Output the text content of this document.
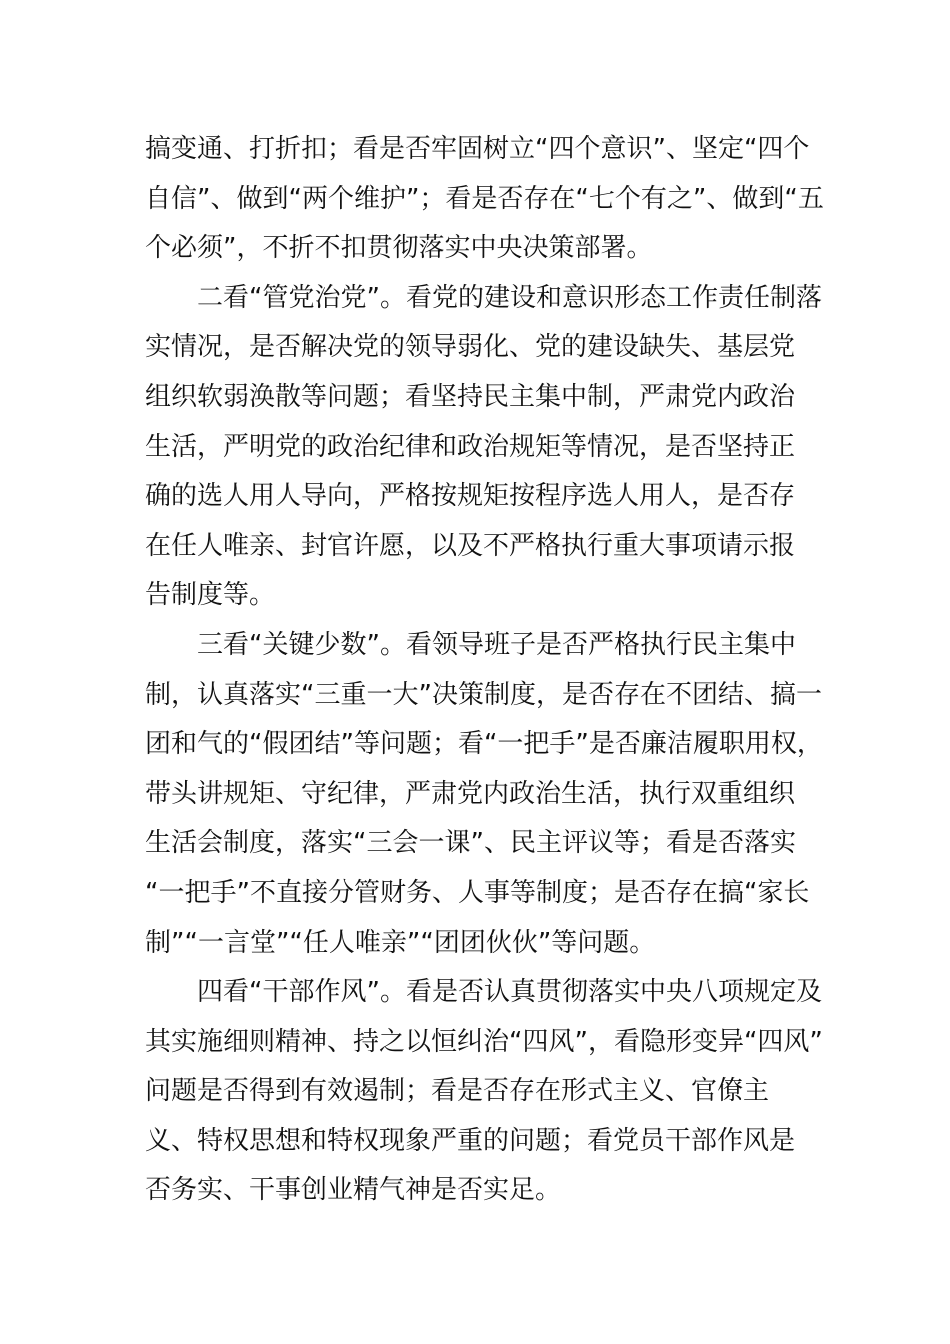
搞变通、打折扣；看是否牢固树立“四个意识”、坚定“四个

自信”、做到“两个维护”；看是否存在“七个有之”、做到“五

个必须”，不折不扣贯彻落实中央决策部署。

二看“管党治党”。看党的建设和意识形态工作责任制落

实情况，是否解决党的领导弱化、党的建设缺失、基层党

组织软弱涣散等问题；看坚持民主集中制，严肃党内政治

生活，严明党的政治纪律和政治规矩等情况，是否坚持正

确的选人用人导向，严格按规矩按程序选人用人，是否存

在任人唯亲、封官许愿，以及不严格执行重大事项请示报

告制度等。

三看“关键少数”。看领导班子是否严格执行民主集中

制，认真落实“三重一大”决策制度，是否存在不团结、搞一

团和气的“假团结”等问题；看“一把手”是否廉洁履职用权，

带头讲规矩、守纪律，严肃党内政治生活，执行双重组织

生活会制度，落实“三会一课”、民主评议等；看是否落实

“一把手”不直接分管财务、人事等制度；是否存在搞“家长

制”“一言堂”“任人唯亲”“团团伙伙”等问题。

四看“干部作风”。看是否认真贯彻落实中央八项规定及

其实施细则精神、持之以恒纠治“四风”，看隐形变异“四风”

问题是否得到有效遏制；看是否存在形式主义、官僚主

义、特权思想和特权现象严重的问题；看党员干部作风是

否务实、干事创业精气神是否实足。
